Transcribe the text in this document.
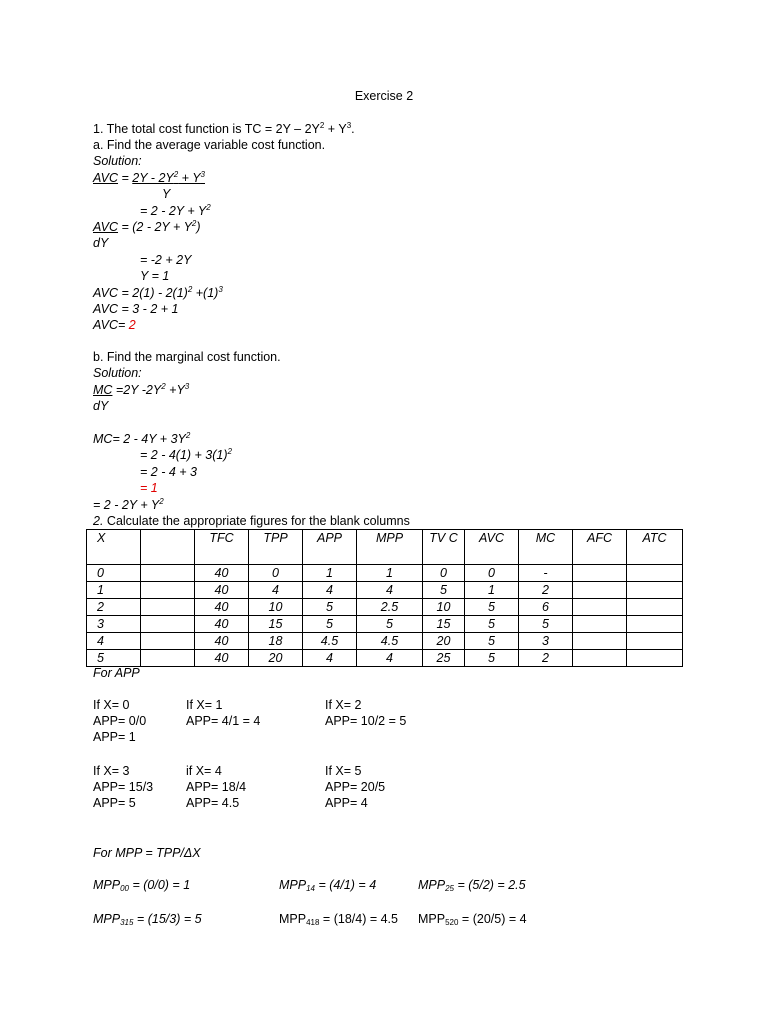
Exercise 2
1. The total cost function is TC = $2Y - 2Y^2 + Y^3$.
a. Find the average variable cost function.
Solution:
AVC = $2Y - 2Y^2 + Y^3$
Y
= $2 - 2Y + Y^2$
AVC = $(2 - 2Y + Y^2)$
dY
= -2 + 2Y
Y = 1
AVC = $2(1) - 2(1)^2 +(1)^3$
AVC = 3 - 2 + 1
AVC= 2
b. Find the marginal cost function.
Solution:
MC =2Y $-2Y^2 +Y^3$
dY
$MC= 2 - 4Y + 3Y^2$
= $2 - 4(1) + 3(1)^2$
= 2 - 4 + 3
= 1
= $2 - 2Y + Y^2$
2. Calculate the appropriate figures for the blank columns
X		TFC	TPP	APP	MPP	TV C	AVC	MC	AFC	ATC
0		40	0	1	1	0	0	-		
1		40	4	4	4	5	1	2		
2		40	10	5	2.5	10	5	6		
3		40	15	5	5	15	5	5		
4		40	18	4.5	4.5	20	5	3		
5		40	20	4	4	25	5	2		
For APP
If X= 0
APP= 0/0
APP= 1
If X= 1
APP= 4/1 = 4
If X= 2
APP= 10/2 = 5
If X= 3
APP= 15/3
APP= 5
if X= 4
APP= 18/4
APP= 4.5
If X= 5
APP= 20/5
APP= 4
For MPP = TPP/ΔX
$MPP_{00} = (0/0) = 1$	$MPP_{14} = (4/1) = 4$	$MPP_{25} = (5/2) = 2.5$
$MPP_{315} = (15/3) = 5$	$MPP_{418} = (18/4) = 4.5$ $MPP_{520} = (20/5) = 4$
